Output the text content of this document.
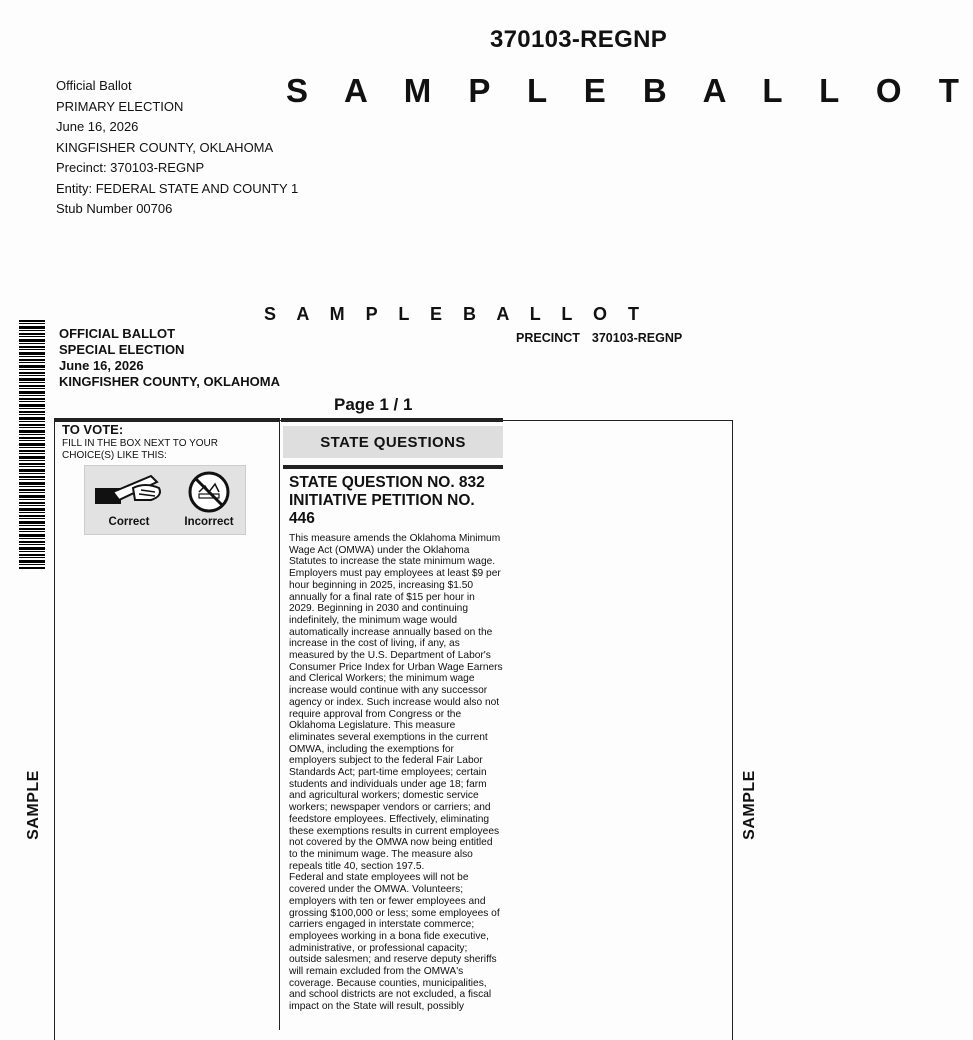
370103-REGNP
Official Ballot
PRIMARY ELECTION
June 16, 2026
KINGFISHER COUNTY, OKLAHOMA
Precinct: 370103-REGNP
Entity: FEDERAL STATE AND COUNTY 1
Stub Number 00706
S A M P L E B A L L O T
S A M P L E B A L L O T
OFFICIAL BALLOT
SPECIAL ELECTION
June 16, 2026
KINGFISHER COUNTY, OKLAHOMA
PRECINCT 370103-REGNP
Page 1 / 1
SAMPLE	SAMPLE
TO VOTE:
FILL IN THE BOX NEXT TO YOUR CHOICE(S) LIKE THIS:
Correct	Incorrect
STATE QUESTIONS
STATE QUESTION NO. 832 INITIATIVE PETITION NO. 446

This measure amends the Oklahoma Minimum Wage Act (OMWA) under the Oklahoma Statutes to increase the state minimum wage. Employers must pay employees at least $9 per hour beginning in 2025, increasing $1.50 annually for a final rate of $15 per hour in 2029. Beginning in 2030 and continuing indefinitely, the minimum wage would automatically increase annually based on the increase in the cost of living, if any, as measured by the U.S. Department of Labor's Consumer Price Index for Urban Wage Earners and Clerical Workers; the minimum wage increase would continue with any successor agency or index. Such increase would also not require approval from Congress or the Oklahoma Legislature. This measure eliminates several exemptions in the current OMWA, including the exemptions for employers subject to the federal Fair Labor Standards Act; part-time employees; certain students and individuals under age 18; farm and agricultural workers; domestic service workers; newspaper vendors or carriers; and feedstore employees. Effectively, eliminating these exemptions results in current employees not covered by the OMWA now being entitled to the minimum wage. The measure also repeals title 40, section 197.5.

Federal and state employees will not be covered under the OMWA. Volunteers; employers with ten or fewer employees and grossing $100,000 or less; some employees of carriers engaged in interstate commerce; employees working in a bona fide executive, administrative, or professional capacity; outside salesmen; and reserve deputy sheriffs will remain excluded from the OMWA's coverage. Because counties, municipalities, and school districts are not excluded, a fiscal impact on the State will result, possibly
